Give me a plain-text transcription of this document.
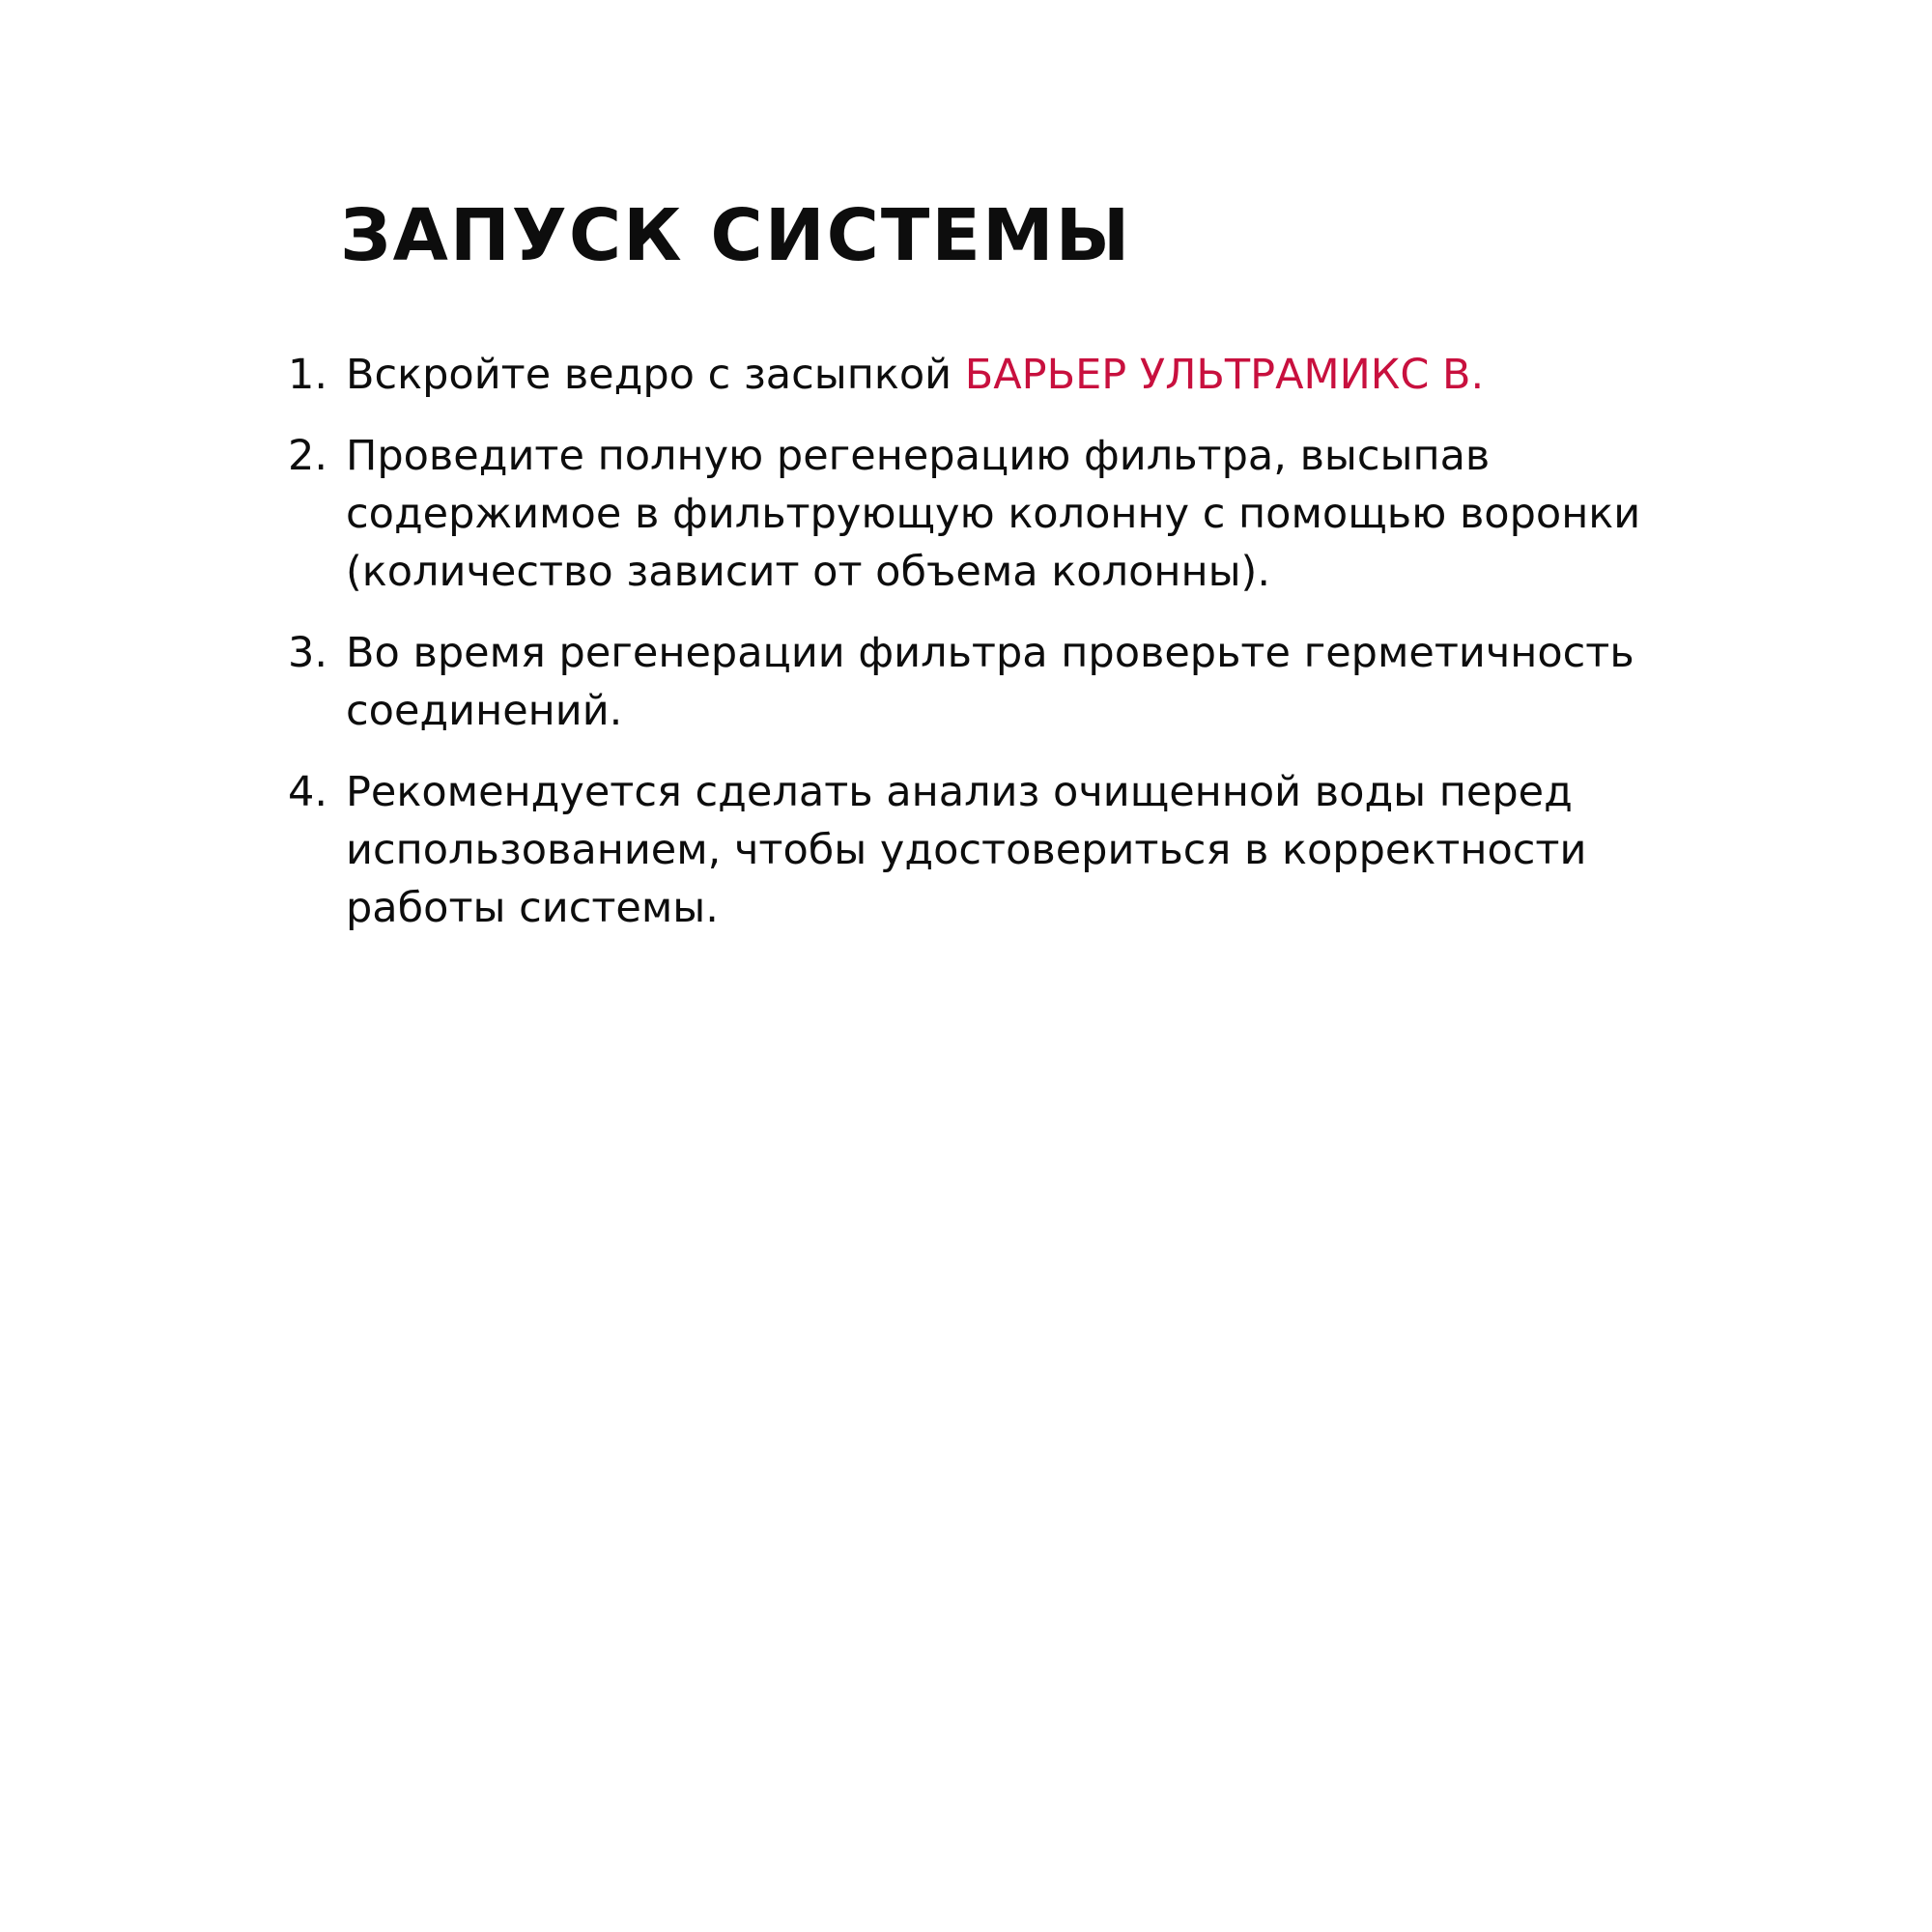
ЗАПУСК СИСТЕМЫ
1. Вскройте ведро с засыпкой БАРЬЕР УЛЬТРАМИКС В.
2. Проведите полную регенерацию фильтра, высыпав содержимое в фильтрующую колонну с помощью воронки (количество зависит от объема колонны).
3. Во время регенерации фильтра проверьте герметичность соединений.
4. Рекомендуется сделать анализ очищенной воды перед использованием, чтобы удостовериться в корректности работы системы.
